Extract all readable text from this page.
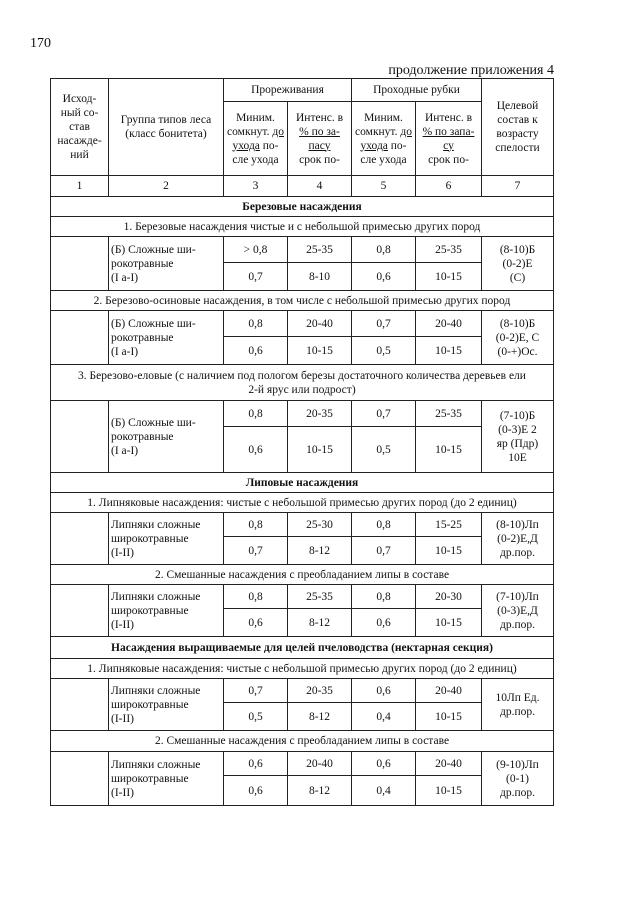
170
продолжение приложения 4
Исход-
ный со-
став
насажде-
ний	Группа типов леса
(класс бонитета)	Прореживания		Проходные рубки		Целевой
состав к
возрасту
спелости
		Миним.
сомкнут. до
ухода по-
сле ухода	Интенс. в
% по за-
пасу
срок по-	Миним.
сомкнут. до
ухода по-
сле ухода	Интенс. в
% по запа-
су
срок по-	
1	2	3	4	5	6	7
Березовые насаждения						
1. Березовые насаждения чистые и с небольшой примесью других пород						
	(Б) Сложные ши-
рокотравные
(I а-I)	> 0,8	25-35	0,8	25-35	(8-10)Б
(0-2)Е
(С)
		0,7	8-10	0,6	10-15	
2. Березово-осиновые насаждения, в том числе с небольшой примесью других пород						
	(Б) Сложные ши-
рокотравные
(I а-I)	0,8	20-40	0,7	20-40	(8-10)Б
(0-2)Е, С
(0-+)Ос.
		0,6	10-15	0,5	10-15	
3. Березово-еловые (с наличием под пологом березы достаточного количества деревьев ели
2-й ярус или подрост)						
	(Б) Сложные ши-
рокотравные
(I а-I)	0,8	20-35	0,7	25-35	(7-10)Б
(0-3)Е 2
яр (Пдр)
10Е
		0,6	10-15	0,5	10-15	
Липовые насаждения						
1. Липняковые насаждения: чистые с небольшой примесью других пород (до 2 единиц)						
	Липняки сложные
широкотравные
(I-II)	0,8	25-30	0,8	15-25	(8-10)Лп
(0-2)Е,Д
др.пор.
		0,7	8-12	0,7	10-15	
2. Смешанные насаждения с преобладанием липы в составе						
	Липняки сложные
широкотравные
(I-II)	0,8	25-35	0,8	20-30	(7-10)Лп
(0-3)Е,Д
др.пор.
		0,6	8-12	0,6	10-15	
Насаждения выращиваемые для целей пчеловодства (нектарная секция)						
1. Липняковые насаждения: чистые с небольшой примесью других пород (до 2 единиц)						
	Липняки сложные
широкотравные
(I-II)	0,7	20-35	0,6	20-40	10Лп Ед.
др.пор.
		0,5	8-12	0,4	10-15	
2. Смешанные насаждения с преобладанием липы в составе						
	Липняки сложные
широкотравные
(I-II)	0,6	20-40	0,6	20-40	(9-10)Лп
(0-1)
др.пор.
		0,6	8-12	0,4	10-15	
